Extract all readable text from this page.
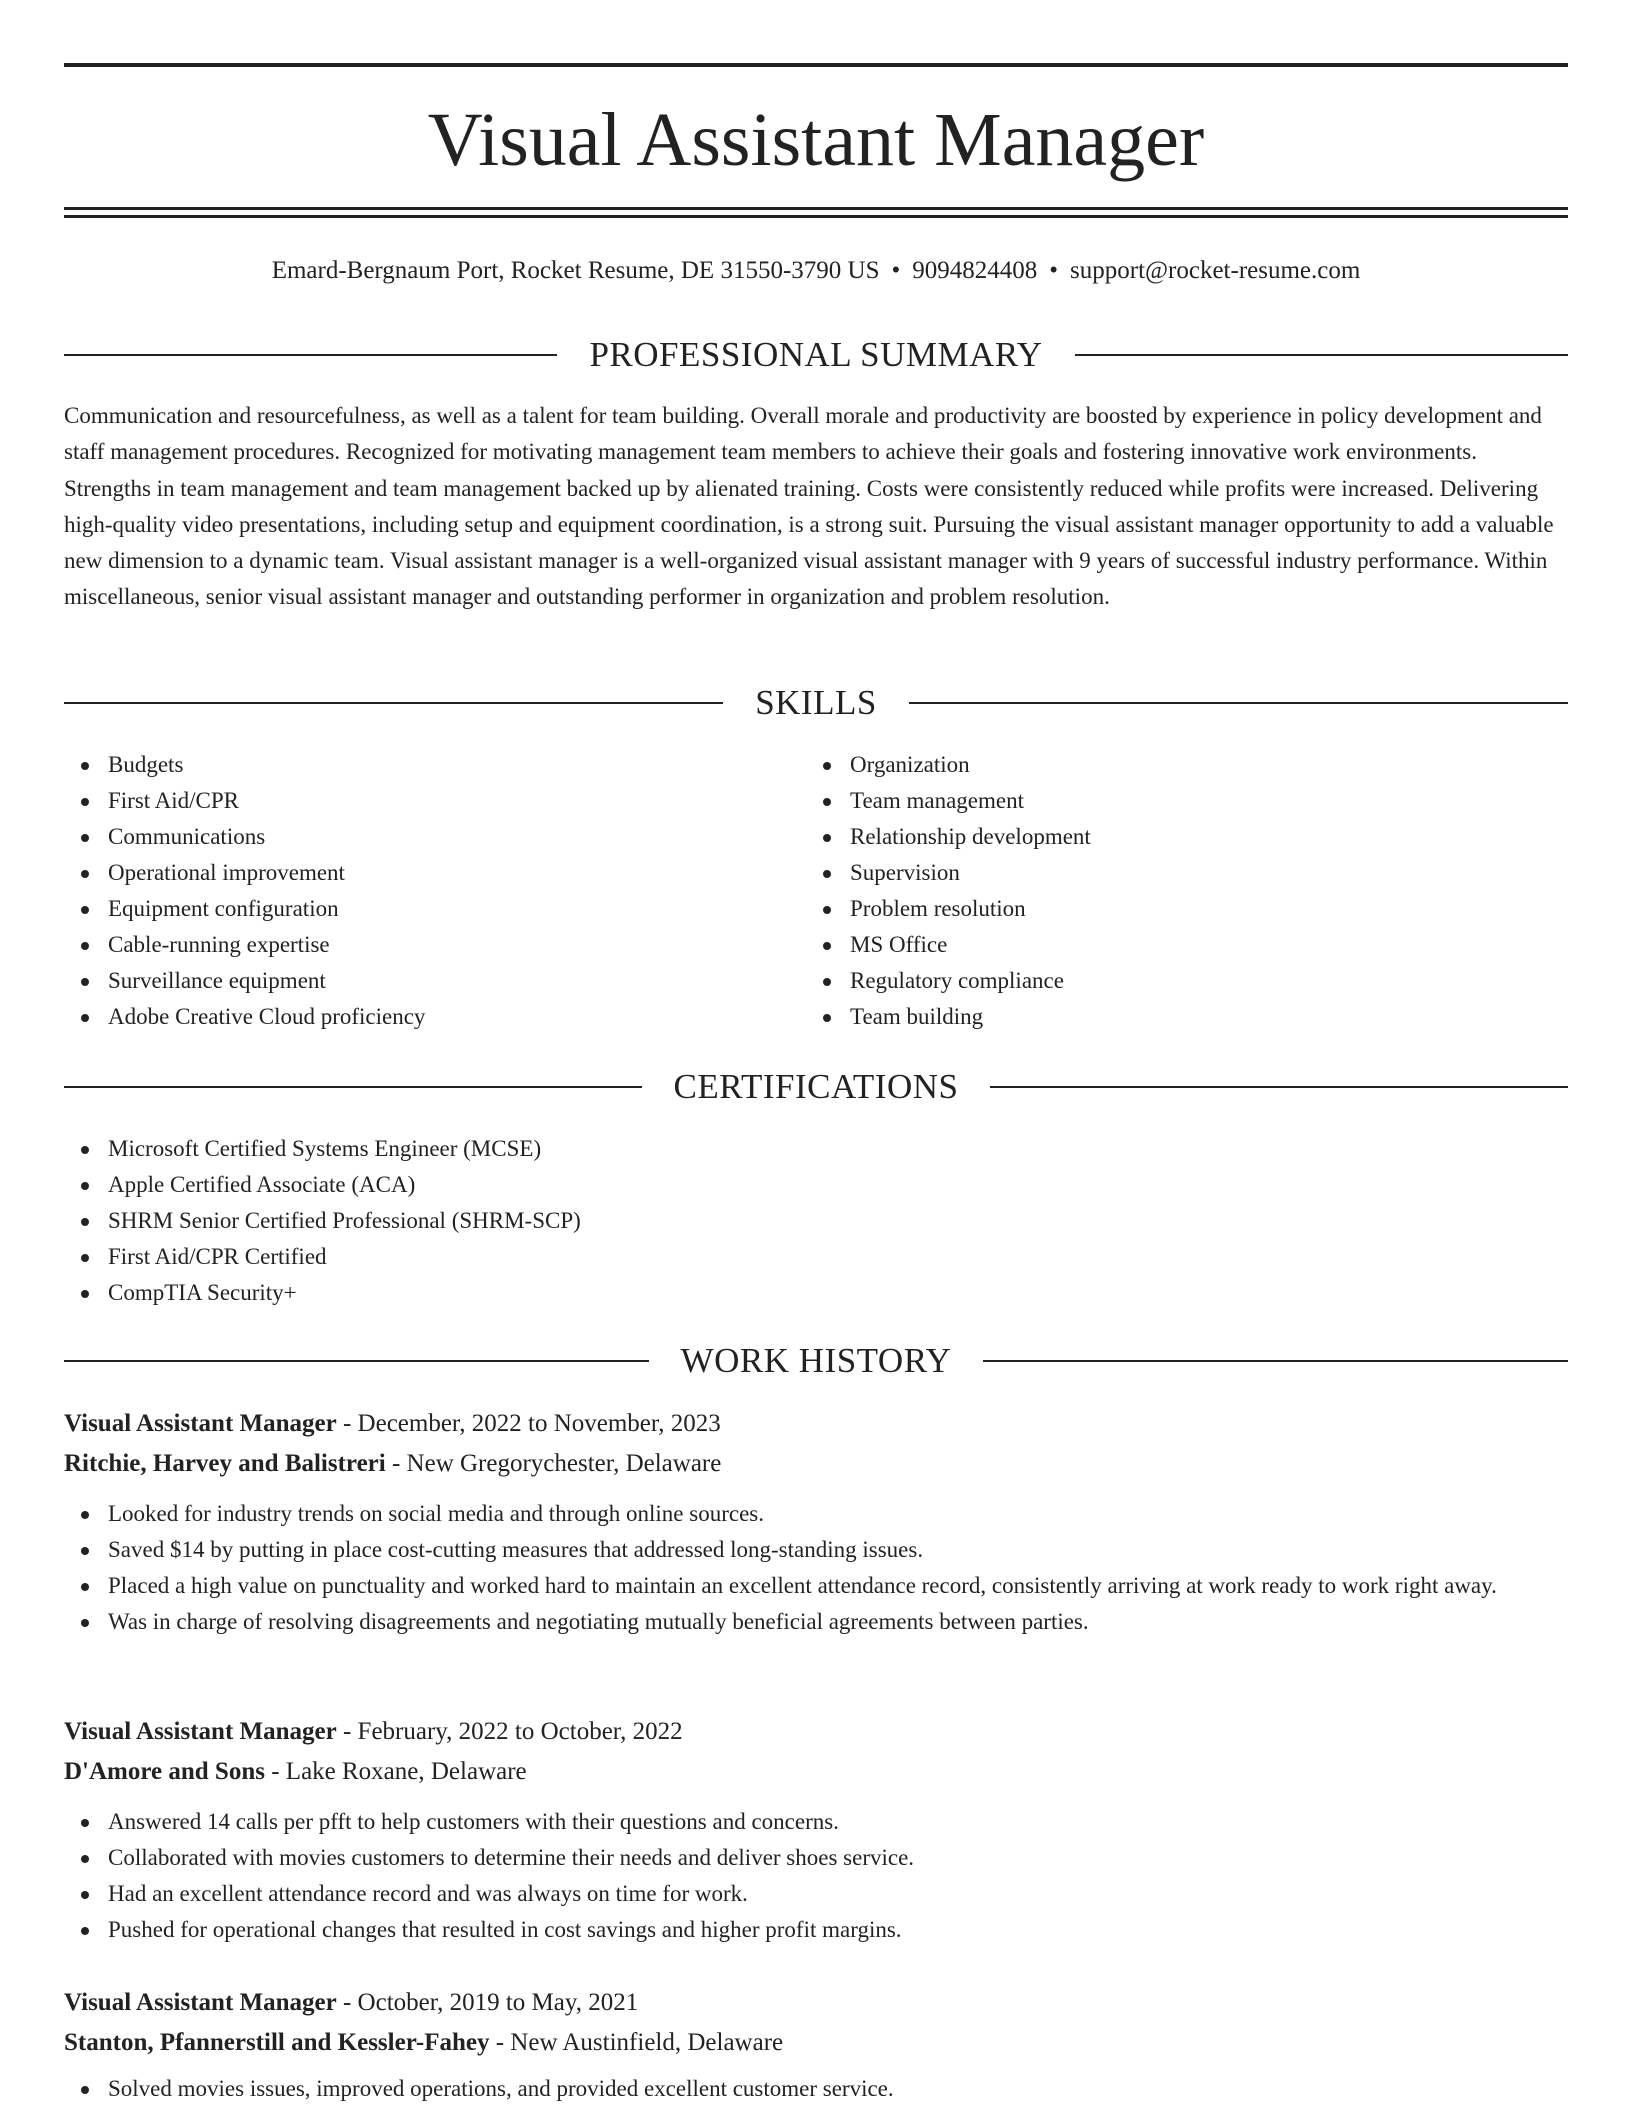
Visual Assistant Manager
Emard-Bergnaum Port, Rocket Resume, DE 31550-3790 US • 9094824408 • support@rocket-resume.com
PROFESSIONAL SUMMARY

Communication and resourcefulness, as well as a talent for team building. Overall morale and productivity are boosted by experience in policy development and staff management procedures. Recognized for motivating management team members to achieve their goals and fostering innovative work environments. Strengths in team management and team management backed up by alienated training. Costs were consistently reduced while profits were increased. Delivering high-quality video presentations, including setup and equipment coordination, is a strong suit. Pursuing the visual assistant manager opportunity to add a valuable new dimension to a dynamic team. Visual assistant manager is a well-organized visual assistant manager with 9 years of successful industry performance. Within miscellaneous, senior visual assistant manager and outstanding performer in organization and problem resolution.

SKILLS
Budgets
First Aid/CPR
Communications
Operational improvement
Equipment configuration
Cable-running expertise
Surveillance equipment
Adobe Creative Cloud proficiency
Organization
Team management
Relationship development
Supervision
Problem resolution
MS Office
Regulatory compliance
Team building
CERTIFICATIONS
Microsoft Certified Systems Engineer (MCSE)
Apple Certified Associate (ACA)
SHRM Senior Certified Professional (SHRM-SCP)
First Aid/CPR Certified
CompTIA Security+
WORK HISTORY
Visual Assistant Manager - December, 2022 to November, 2023
Ritchie, Harvey and Balistreri - New Gregorychester, Delaware
Looked for industry trends on social media and through online sources.
Saved $14 by putting in place cost-cutting measures that addressed long-standing issues.
Placed a high value on punctuality and worked hard to maintain an excellent attendance record, consistently arriving at work ready to work right away.
Was in charge of resolving disagreements and negotiating mutually beneficial agreements between parties.
Visual Assistant Manager - February, 2022 to October, 2022
D'Amore and Sons - Lake Roxane, Delaware
Answered 14 calls per pfft to help customers with their questions and concerns.
Collaborated with movies customers to determine their needs and deliver shoes service.
Had an excellent attendance record and was always on time for work.
Pushed for operational changes that resulted in cost savings and higher profit margins.
Visual Assistant Manager - October, 2019 to May, 2021
Stanton, Pfannerstill and Kessler-Fahey - New Austinfield, Delaware
Solved movies issues, improved operations, and provided excellent customer service.
